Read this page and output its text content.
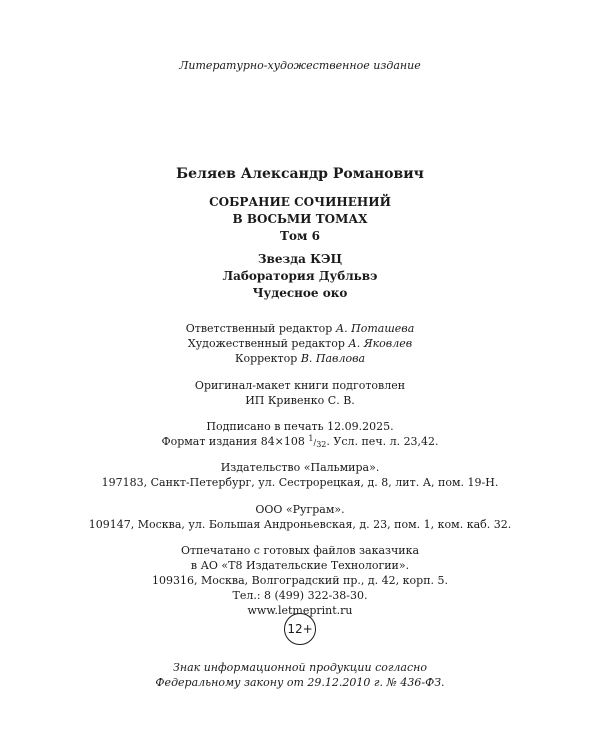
Литературно-художественное издание
Беляев Александр Романович
СОБРАНИЕ СОЧИНЕНИЙ
В ВОСЬМИ ТОМАХ
Том 6
Звезда КЭЦ
Лаборатория Дубльвэ
Чудесное око
Ответственный редактор А. Поташева
Художественный редактор А. Яковлев
Корректор В. Павлова
Оригинал-макет книги подготовлен
ИП Кривенко С. В.
Подписано в печать 12.09.2025.
Формат издания 84×108 1/32. Усл. печ. л. 23,42.
Издательство «Пальмира».
197183, Санкт-Петербург, ул. Сестрорецкая, д. 8, лит. А, пом. 19-Н.
ООО «Руграм».
109147, Москва, ул. Большая Андроньевская, д. 23, пом. 1, ком. каб. 32.
Отпечатано с готовых файлов заказчика
в АО «Т8 Издательские Технологии».
109316, Москва, Волгоградский пр., д. 42, корп. 5.
Тел.: 8 (499) 322-38-30.
www.letmeprint.ru
12+
Знак информационной продукции согласно
Федеральному закону от 29.12.2010 г. № 436-ФЗ.
